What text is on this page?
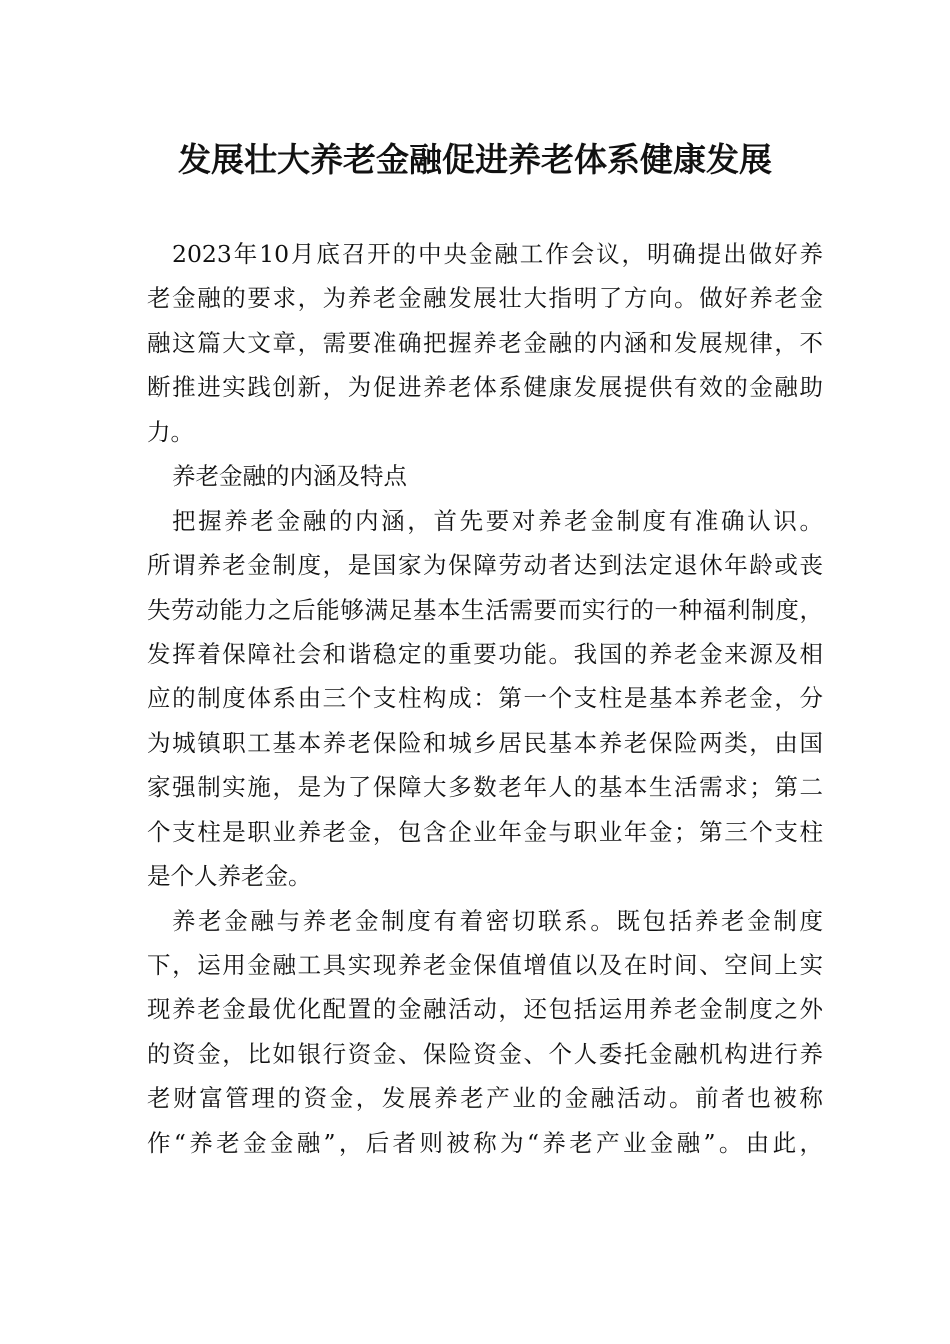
发展壮大养老金融促进养老体系健康发展
2023年10月底召开的中央金融工作会议，明确提出做好养
老金融的要求，为养老金融发展壮大指明了方向。做好养老金
融这篇大文章，需要准确把握养老金融的内涵和发展规律，不
断推进实践创新，为促进养老体系健康发展提供有效的金融助
力。
养老金融的内涵及特点
把握养老金融的内涵，首先要对养老金制度有准确认识。
所谓养老金制度，是国家为保障劳动者达到法定退休年龄或丧
失劳动能力之后能够满足基本生活需要而实行的一种福利制度，
发挥着保障社会和谐稳定的重要功能。我国的养老金来源及相
应的制度体系由三个支柱构成：第一个支柱是基本养老金，分
为城镇职工基本养老保险和城乡居民基本养老保险两类，由国
家强制实施，是为了保障大多数老年人的基本生活需求；第二
个支柱是职业养老金，包含企业年金与职业年金；第三个支柱
是个人养老金。
养老金融与养老金制度有着密切联系。既包括养老金制度
下，运用金融工具实现养老金保值增值以及在时间、空间上实
现养老金最优化配置的金融活动，还包括运用养老金制度之外
的资金，比如银行资金、保险资金、个人委托金融机构进行养
老财富管理的资金，发展养老产业的金融活动。前者也被称
作“养老金金融”，后者则被称为“养老产业金融”。由此，
